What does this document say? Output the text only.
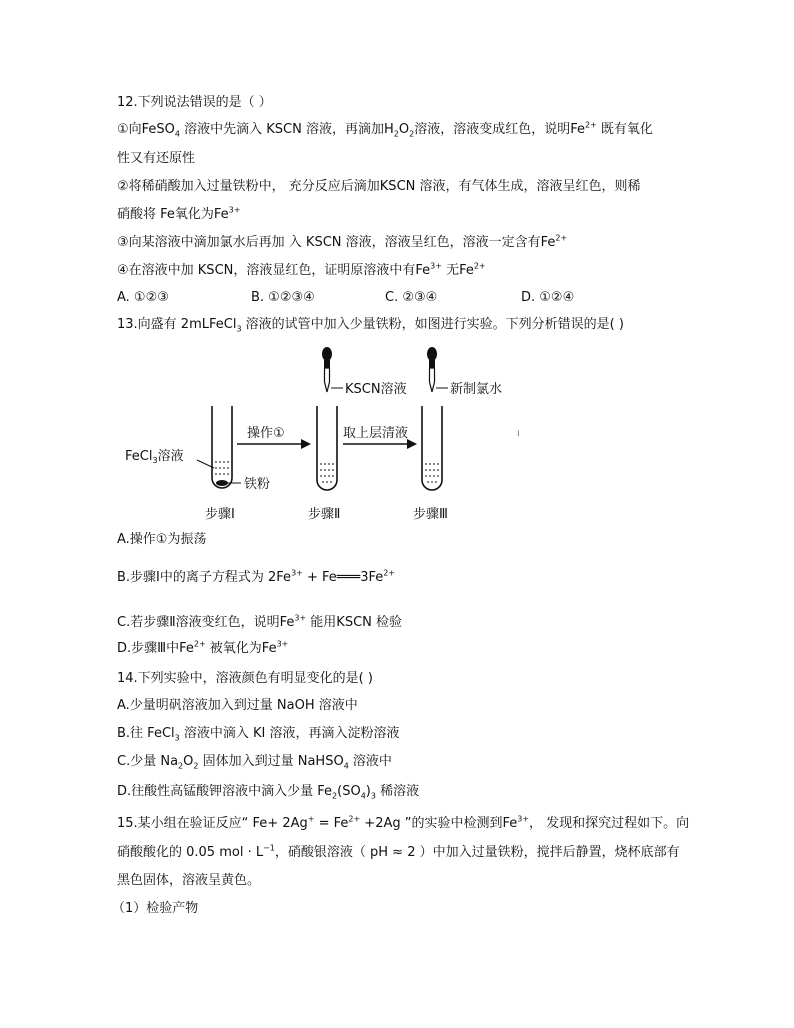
12.下列说法错误的是（ ）
①向FeSO$_4$ 溶液中先滴入 KSCN 溶液，再滴加$H_2O_2$溶液，溶液变成红色，说明$Fe^{2+}$ 既有氧化
性又有还原性
②将稀硝酸加入过量铁粉中， 充分反应后滴加KSCN 溶液，有气体生成，溶液呈红色，则稀
硝酸将 Fe氧化为$Fe^{3+}$
③向某溶液中滴加氯水后再加 入 KSCN 溶液，溶液呈红色，溶液一定含有$Fe^{2+}$
④在溶液中加 KSCN，溶液显红色，证明原溶液中有$Fe^{3+}$ 无$Fe^{2+}$
A. ①②③	B. ①②③④	C. ②③④	D. ①②④
13.向盛有 2mLFeCl$_3$ 溶液的试管中加入少量铁粉，如图进行实验。下列分析错误的是( )
KSCN溶液	新制氯水
FeCl$_3$溶液
操作①	取上层清液
铁粉
步骤Ⅰ	步骤Ⅱ	步骤Ⅲ
ı
A.操作①为振荡
B.步骤Ⅰ中的离子方程式为 $2Fe^{3+}$ + $Fe═══3Fe^{2+}$
C.若步骤Ⅱ溶液变红色，说明$Fe^{3+}$ 能用KSCN 检验
D.步骤Ⅲ中$Fe^{2+}$ 被氧化为$Fe^{3+}$
14.下列实验中，溶液颜色有明显变化的是( )
A.少量明矾溶液加入到过量 NaOH 溶液中
B.往 FeCl$_3$ 溶液中滴入 KI 溶液，再滴入淀粉溶液
C.少量 $Na_2O_2$ 固体加入到过量 NaHSO$_4$ 溶液中
D.往酸性高锰酸钾溶液中滴入少量 $Fe_2(SO_4)_3$ 稀溶液
15.某小组在验证反应“ $Fe+ 2Ag^+ = Fe^{2+} +2Ag$ ”的实验中检测到$Fe^{3+}$， 发现和探究过程如下。向
硝酸酸化的 0.05 mol · $L^{-1}$，硝酸银溶液（ pH ≈ 2 ）中加入过量铁粉，搅拌后静置，烧杯底部有
黑色固体，溶液呈黄色。
（1）检验产物
